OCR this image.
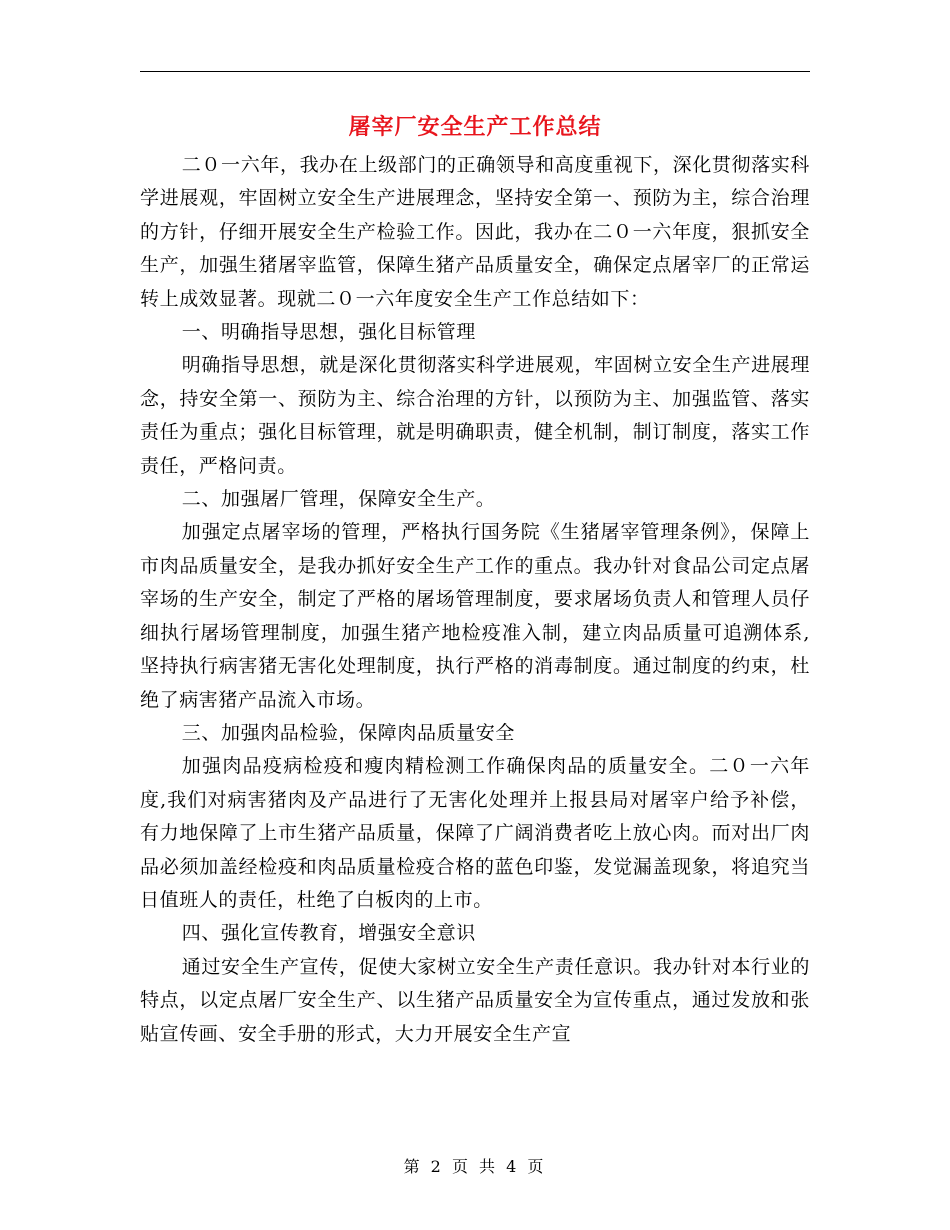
屠宰厂安全生产工作总结

二０一六年，我办在上级部门的正确领导和高度重视下，深化贯彻落实科学进展观，牢固树立安全生产进展理念，坚持安全第一、预防为主，综合治理的方针，仔细开展安全生产检验工作。因此，我办在二０一六年度，狠抓安全生产，加强生猪屠宰监管，保障生猪产品质量安全，确保定点屠宰厂的正常运转上成效显著。现就二０一六年度安全生产工作总结如下：

一、明确指导思想，强化目标管理

明确指导思想，就是深化贯彻落实科学进展观，牢固树立安全生产进展理念，持安全第一、预防为主、综合治理的方针，以预防为主、加强监管、落实责任为重点；强化目标管理，就是明确职责，健全机制，制订制度，落实工作责任，严格问责。

二、加强屠厂管理，保障安全生产。

加强定点屠宰场的管理，严格执行国务院《生猪屠宰管理条例》，保障上市肉品质量安全，是我办抓好安全生产工作的重点。我办针对食品公司定点屠宰场的生产安全，制定了严格的屠场管理制度，要求屠场负责人和管理人员仔细执行屠场管理制度，加强生猪产地检疫准入制，建立肉品质量可追溯体系,坚持执行病害猪无害化处理制度，执行严格的消毒制度。通过制度的约束，杜绝了病害猪产品流入市场。

三、加强肉品检验，保障肉品质量安全

加强肉品疫病检疫和瘦肉精检测工作确保肉品的质量安全。二０一六年度,我们对病害猪肉及产品进行了无害化处理并上报县局对屠宰户给予补偿，有力地保障了上市生猪产品质量，保障了广阔消费者吃上放心肉。而对出厂肉品必须加盖经检疫和肉品质量检疫合格的蓝色印鉴，发觉漏盖现象，将追究当日值班人的责任，杜绝了白板肉的上市。

四、强化宣传教育，增强安全意识

通过安全生产宣传，促使大家树立安全生产责任意识。我办针对本行业的特点，以定点屠厂安全生产、以生猪产品质量安全为宣传重点，通过发放和张贴宣传画、安全手册的形式，大力开展安全生产宣

第 2 页 共 4 页
